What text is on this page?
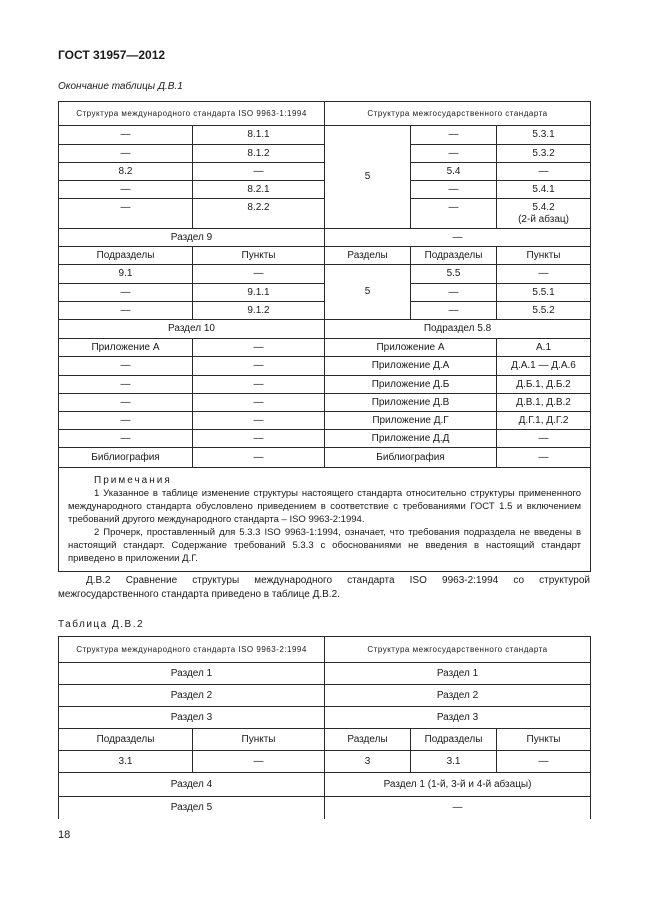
ГОСТ 31957—2012
Окончание таблицы Д.В.1
Структура международного стандарта ISO 9963-1:1994		Структура межгосударственного стандарта		
—	8.1.1	5	—	5.3.1
—	8.1.2		—	5.3.2
8.2	—		5.4	—
—	8.2.1		—	5.4.1
—	8.2.2		—	5.4.2
(2-й абзац)

Раздел 9		—		
Подразделы	Пункты	Разделы	Подразделы	Пункты
9.1	—	5	5.5	—
—	9.1.1		—	5.5.1
—	9.1.2		—	5.5.2
Раздел 10		Подраздел 5.8		
Приложение А	—	Приложение А		А.1
—	—	Приложение Д.А		Д.А.1 — Д.А.6
—	—	Приложение Д.Б		Д.Б.1, Д.Б.2
—	—	Приложение Д.В		Д.В.1, Д.В.2
—	—	Приложение Д.Г		Д.Г.1, Д.Г.2
—	—	Приложение Д.Д		—
Библиография	—	Библиография		—

Примечания

1 Указанное в таблице изменение структуры настоящего стандарта относительно структуры примененного международного стандарта обусловлено приведением в соответствие с требованиями ГОСТ 1.5 и включением требований другого международного стандарта – ISO 9963-2:1994.

2 Прочерк, проставленный для 5.3.3 ISO 9963-1:1994, означает, что требования подраздела не введены в настоящий стандарт. Содержание требований 5.3.3 с обоснованиями не введения в настоящий стандарт приведено в приложении Д.Г.				

Д.В.2 Сравнение структуры международного стандарта ISO 9963-2:1994 со структурой межгосударственного стандарта приведено в таблице Д.В.2.
Таблица Д.В.2
Структура международного стандарта ISO 9963-2:1994		Структура межгосударственного стандарта		
Раздел 1		Раздел 1		
Раздел 2		Раздел 2		
Раздел 3		Раздел 3		
Подразделы	Пункты	Разделы	Подразделы	Пункты
3.1	—	3	3.1	—
Раздел 4		Раздел 1 (1-й, 3-й и 4-й абзацы)		
Раздел 5		—		
18
